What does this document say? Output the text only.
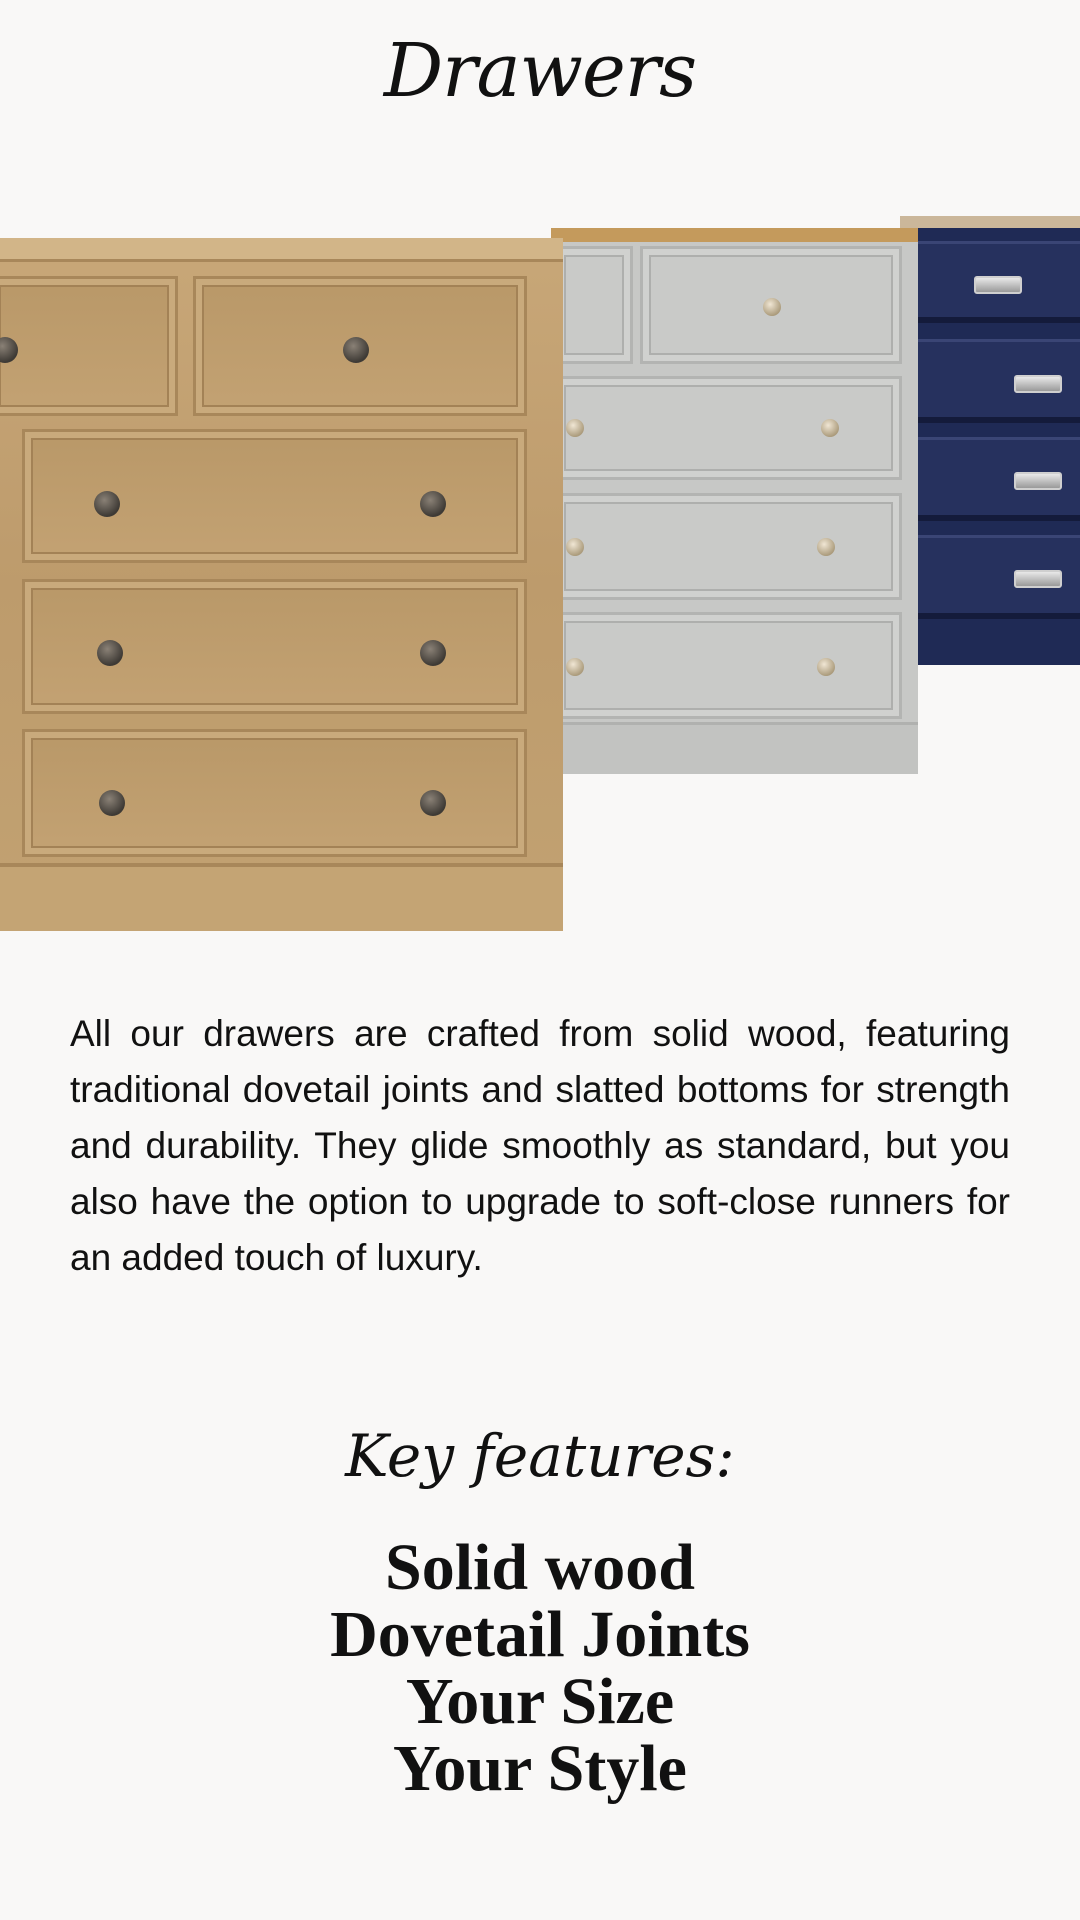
Drawers

All our drawers are crafted from solid wood, featuring traditional dovetail joints and slatted bottoms for strength and durability. They glide smoothly as standard, but you also have the option to upgrade to soft-close runners for an added touch of luxury.

Key features:
Solid wood
Dovetail Joints
Your Size
Your Style
